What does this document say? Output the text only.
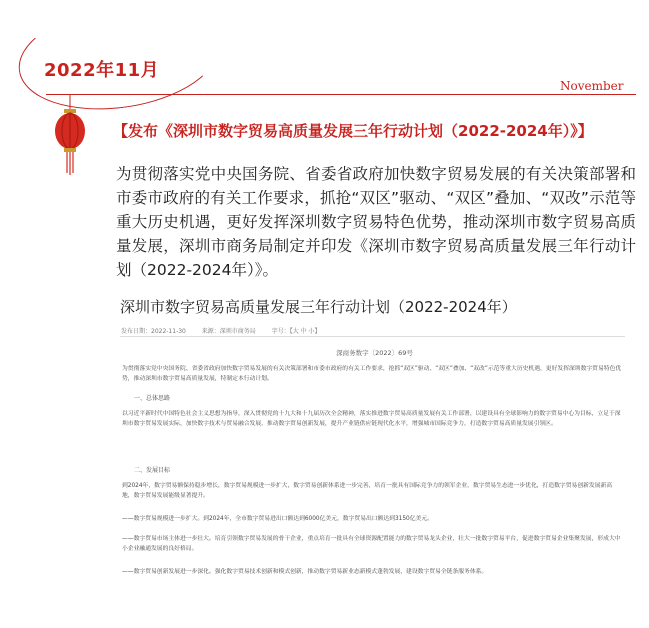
2022年11月
November
【发布《深圳市数字贸易高质量发展三年行动计划（2022-2024年）》】
为贯彻落实党中央国务院、省委省政府加快数字贸易发展的有关决策部署和市委市政府的有关工作要求，抓抢“双区”驱动、“双区”叠加、“双改”示范等重大历史机遇，更好发挥深圳数字贸易特色优势，推动深圳市数字贸易高质量发展，深圳市商务局制定并印发《深圳市数字贸易高质量发展三年行动计划（2022-2024年）》。
深圳市数字贸易高质量发展三年行动计划（2022-2024年）
发布日期：2022-11-30	来源：深圳市商务局	字号：【大 中 小】
深商务数字〔2022〕69号
为贯彻落实党中央国务院、省委省政府加快数字贸易发展的有关决策部署和市委市政府的有关工作要求，抢抓“双区”驱动、“双区”叠加、“双改”示范等重大历史机遇，更好发挥深圳数字贸易特色优势，推动深圳市数字贸易高质量发展，特制定本行动计划。
一、总体思路
以习近平新时代中国特色社会主义思想为指导，深入贯彻党的十九大和十九届历次全会精神，落实推进数字贸易高质量发展有关工作部署，以建设具有全球影响力的数字贸易中心为目标，立足于深圳市数字贸易发展实际，加快数字技术与贸易融合发展，推动数字贸易创新发展，提升产业链供应链现代化水平，增强城市国际竞争力，打造数字贸易高质量发展引领区。
二、发展目标
到2024年，数字贸易额保持稳步增长，数字贸易规模进一步扩大，数字贸易创新体系进一步完善，培育一批具有国际竞争力的领军企业，数字贸易生态进一步优化，打造数字贸易创新发展新高地，数字贸易发展能级显著提升。
——数字贸易规模进一步扩大。到2024年，全市数字贸易进出口额达到6000亿美元，数字贸易出口额达到3150亿美元。
——数字贸易市场主体进一步壮大。培育引领数字贸易发展的骨干企业，重点培育一批具有全球资源配置能力的数字贸易龙头企业，壮大一批数字贸易平台，促进数字贸易企业集聚发展，形成大中小企业融通发展的良好格局。
——数字贸易创新发展进一步深化。强化数字贸易技术创新和模式创新，推动数字贸易新业态新模式蓬勃发展，建设数字贸易全链条服务体系。
